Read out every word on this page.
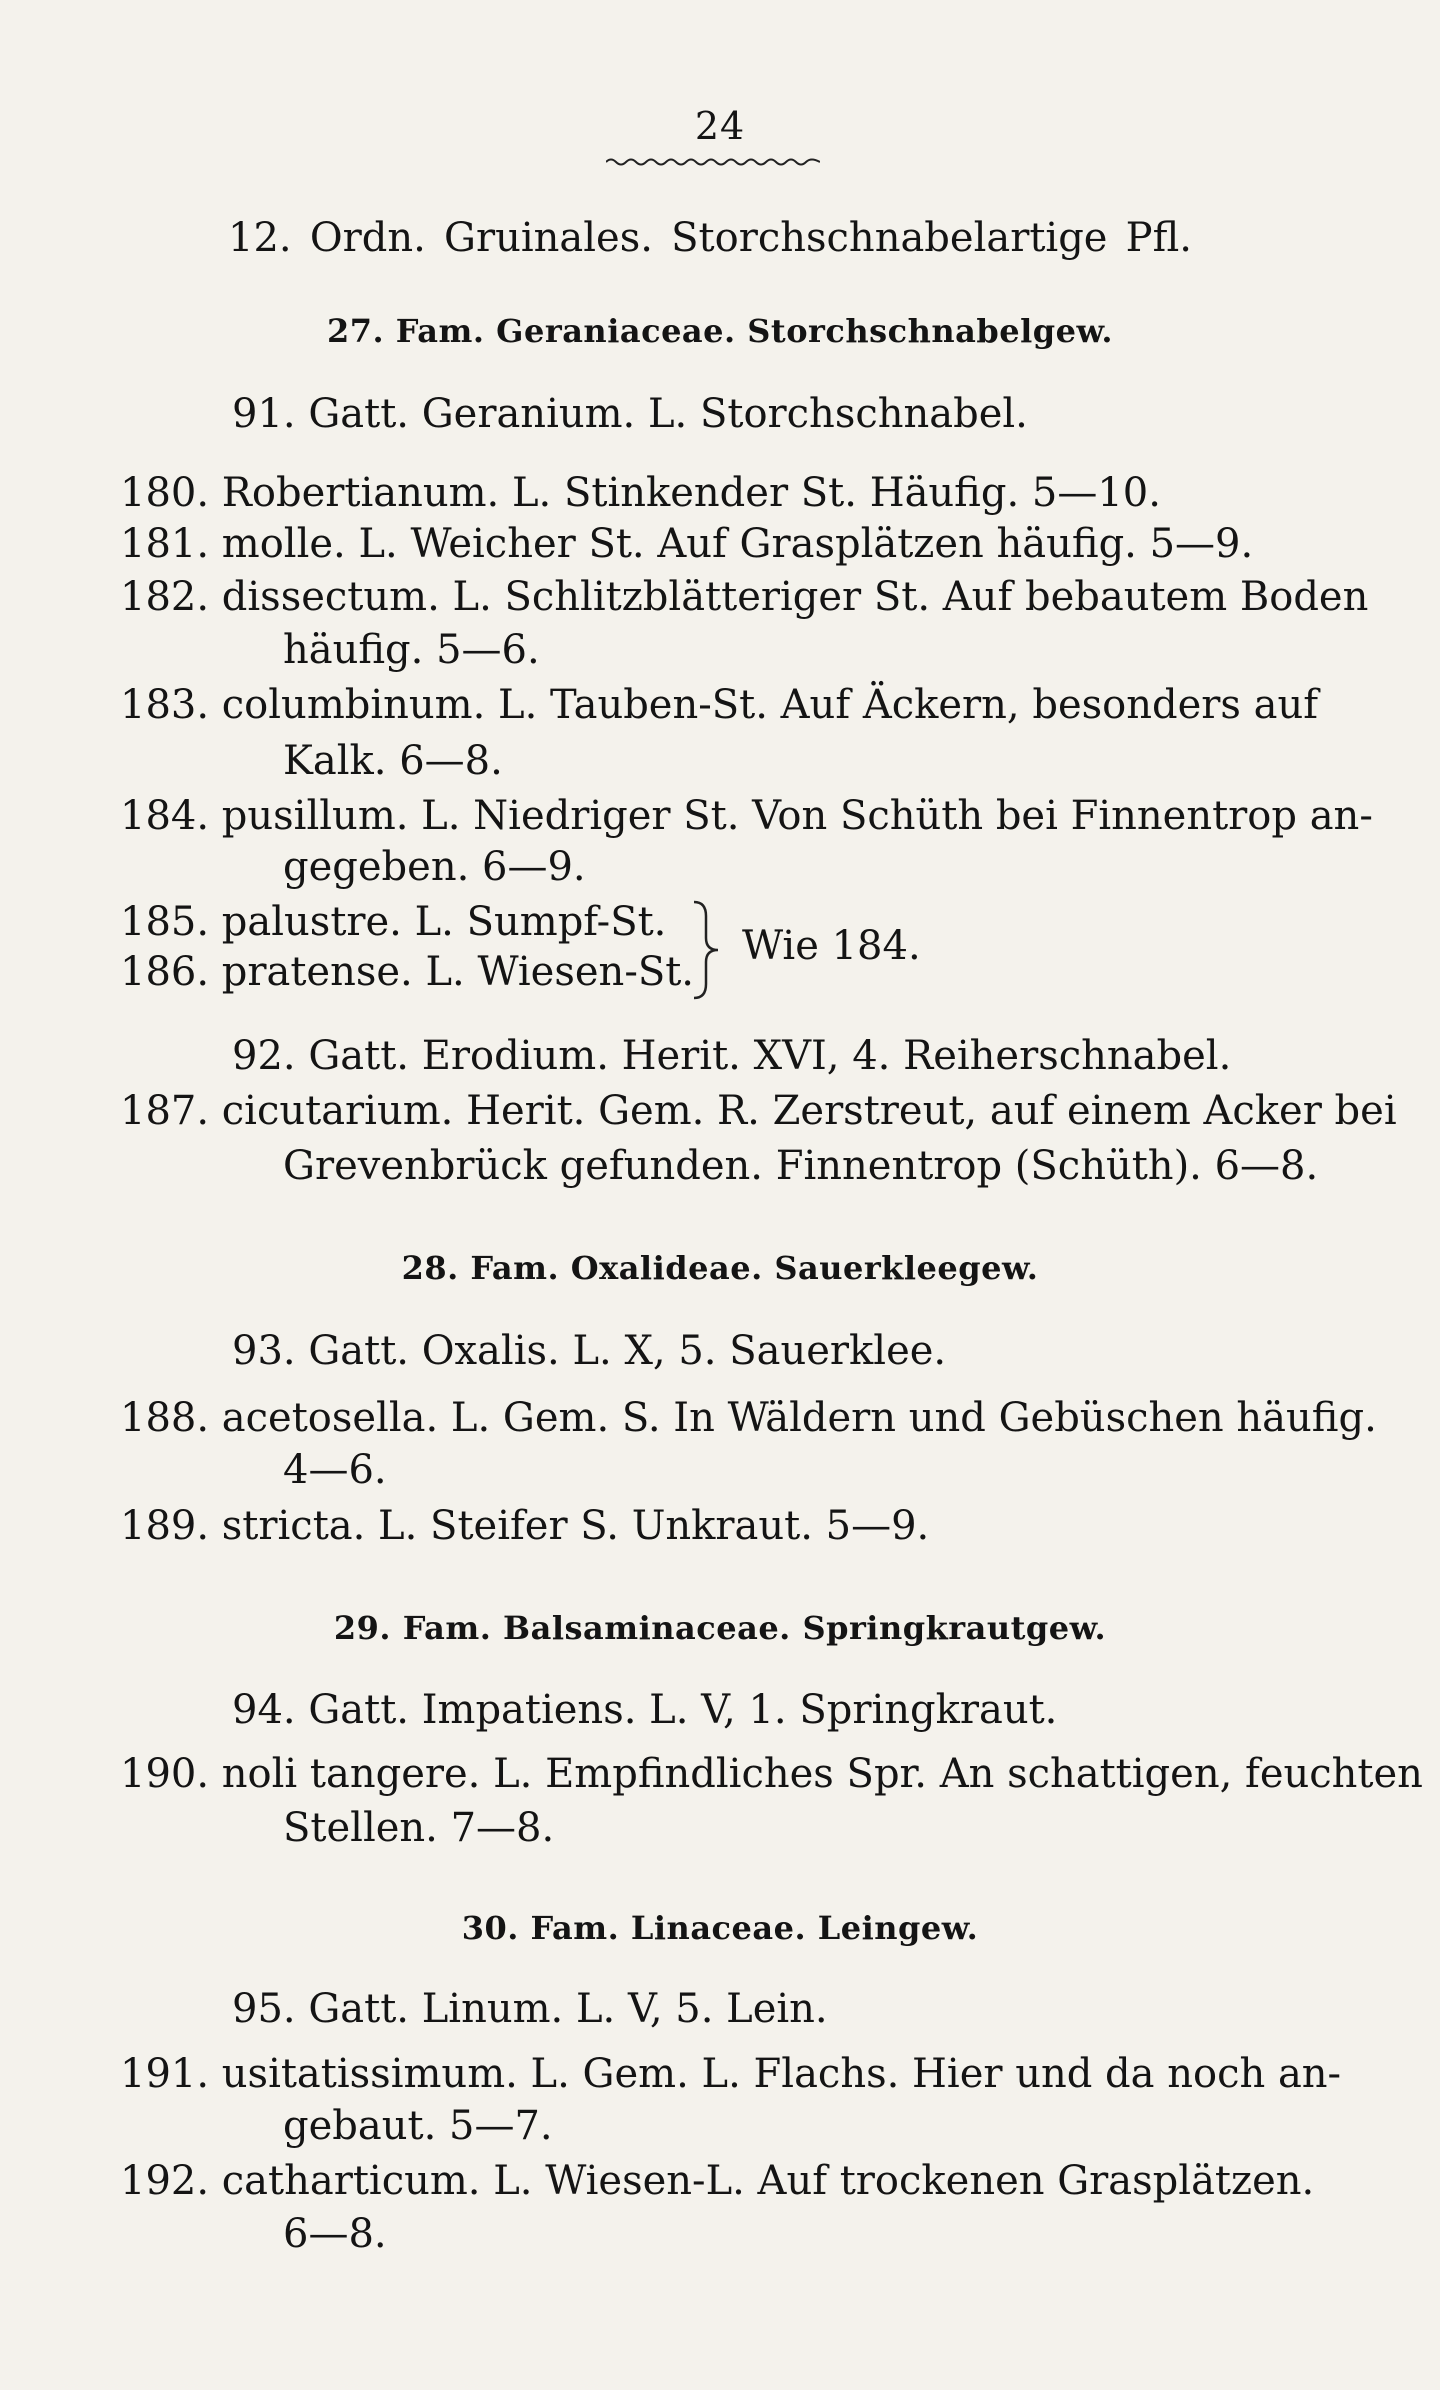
24
12. Ordn. Gruinales. Storchschnabelartige Pfl.
27. Fam. Geraniaceae. Storchschnabelgew.
91. Gatt. Geranium. L. Storchschnabel.
180. Robertianum. L. Stinkender St. Häufig. 5—10.
181. molle. L. Weicher St. Auf Grasplätzen häufig. 5—9.
182. dissectum. L. Schlitzblätteriger St. Auf bebautem Boden
häufig. 5—6.
183. columbinum. L. Tauben-St. Auf Äckern, besonders auf
Kalk. 6—8.
184. pusillum. L. Niedriger St. Von Schüth bei Finnentrop an-
gegeben. 6—9.
185. palustre. L. Sumpf-St.
186. pratense. L. Wiesen-St.
Wie 184.
92. Gatt. Erodium. Herit. XVI, 4. Reiherschnabel.
187. cicutarium. Herit. Gem. R. Zerstreut, auf einem Acker bei
Grevenbrück gefunden. Finnentrop (Schüth). 6—8.
28. Fam. Oxalideae. Sauerkleegew.
93. Gatt. Oxalis. L. X, 5. Sauerklee.
188. acetosella. L. Gem. S. In Wäldern und Gebüschen häufig.
4—6.
189. stricta. L. Steifer S. Unkraut. 5—9.
29. Fam. Balsaminaceae. Springkrautgew.
94. Gatt. Impatiens. L. V, 1. Springkraut.
190. noli tangere. L. Empfindliches Spr. An schattigen, feuchten
Stellen. 7—8.
30. Fam. Linaceae. Leingew.
95. Gatt. Linum. L. V, 5. Lein.
191. usitatissimum. L. Gem. L. Flachs. Hier und da noch an-
gebaut. 5—7.
192. catharticum. L. Wiesen-L. Auf trockenen Grasplätzen.
6—8.
